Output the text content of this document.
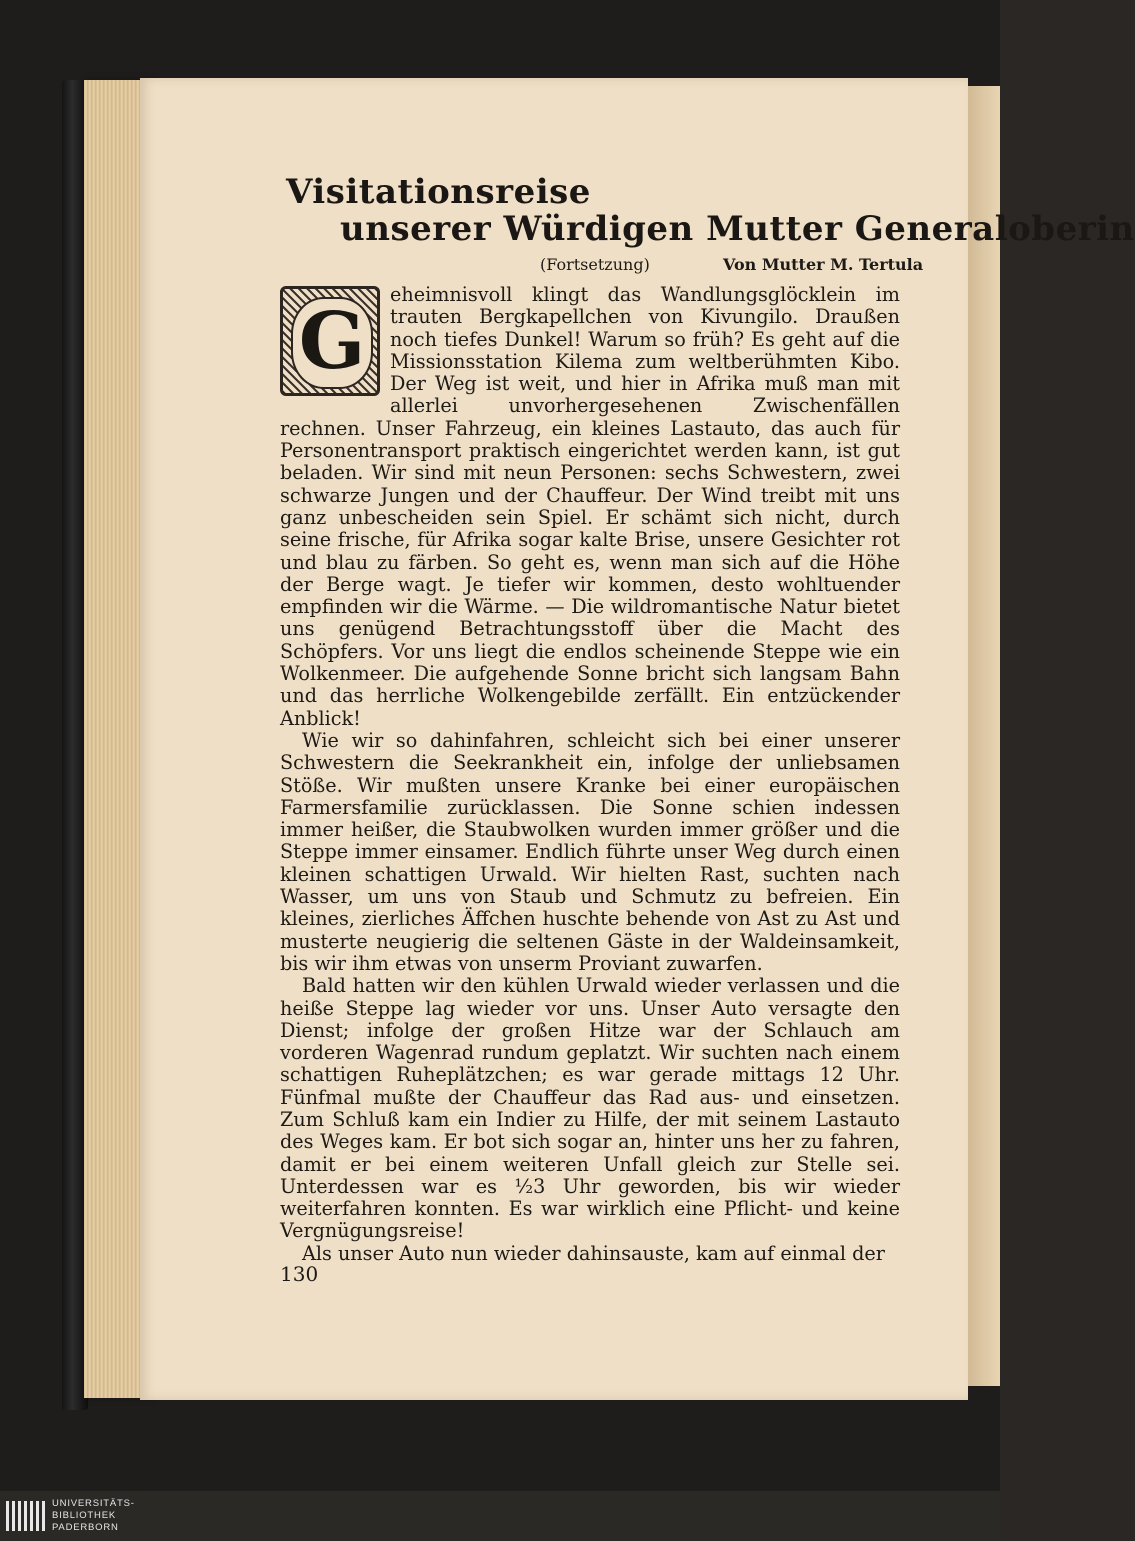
Visitationsreise
unserer Würdigen Mutter Generaloberin
(Fortsetzung)	Von Mutter M. Tertula

G
eheimnisvoll klingt das Wandlungsglöcklein im trauten Bergkapellchen von Kivungilo. Draußen noch tiefes Dunkel! Warum so früh? Es geht auf die Missionsstation Kilema zum weltberühmten Kibo. Der Weg ist weit, und hier in Afrika muß man mit allerlei unvorhergesehenen Zwischenfällen rechnen. Unser Fahrzeug, ein kleines Lastauto, das auch für Personentransport praktisch eingerichtet werden kann, ist gut beladen. Wir sind mit neun Personen: sechs Schwestern, zwei schwarze Jungen und der Chauffeur. Der Wind treibt mit uns ganz unbescheiden sein Spiel. Er schämt sich nicht, durch seine frische, für Afrika sogar kalte Brise, unsere Gesichter rot und blau zu färben. So geht es, wenn man sich auf die Höhe der Berge wagt. Je tiefer wir kommen, desto wohltuender empfinden wir die Wärme. — Die wildromantische Natur bietet uns genügend Betrachtungsstoff über die Macht des Schöpfers. Vor uns liegt die endlos scheinende Steppe wie ein Wolkenmeer. Die aufgehende Sonne bricht sich langsam Bahn und das herrliche Wolkengebilde zerfällt. Ein entzückender Anblick!

Wie wir so dahinfahren, schleicht sich bei einer unserer Schwestern die Seekrankheit ein, infolge der unliebsamen Stöße. Wir mußten unsere Kranke bei einer europäischen Farmersfamilie zurücklassen. Die Sonne schien indessen immer heißer, die Staubwolken wurden immer größer und die Steppe immer einsamer. Endlich führte unser Weg durch einen kleinen schattigen Urwald. Wir hielten Rast, suchten nach Wasser, um uns von Staub und Schmutz zu befreien. Ein kleines, zierliches Äffchen huschte behende von Ast zu Ast und musterte neugierig die seltenen Gäste in der Waldeinsamkeit, bis wir ihm etwas von unserm Proviant zuwarfen.

Bald hatten wir den kühlen Urwald wieder verlassen und die heiße Steppe lag wieder vor uns. Unser Auto versagte den Dienst; infolge der großen Hitze war der Schlauch am vorderen Wagenrad rundum geplatzt. Wir suchten nach einem schattigen Ruheplätzchen; es war gerade mittags 12 Uhr. Fünfmal mußte der Chauffeur das Rad aus- und einsetzen. Zum Schluß kam ein Indier zu Hilfe, der mit seinem Lastauto des Weges kam. Er bot sich sogar an, hinter uns her zu fahren, damit er bei einem weiteren Unfall gleich zur Stelle sei. Unterdessen war es ½3 Uhr geworden, bis wir wieder weiterfahren konnten. Es war wirklich eine Pflicht- und keine Vergnügungsreise!

Als unser Auto nun wieder dahinsauste, kam auf einmal der

130
UNIVERSITÄTS-
BIBLIOTHEK
PADERBORN
